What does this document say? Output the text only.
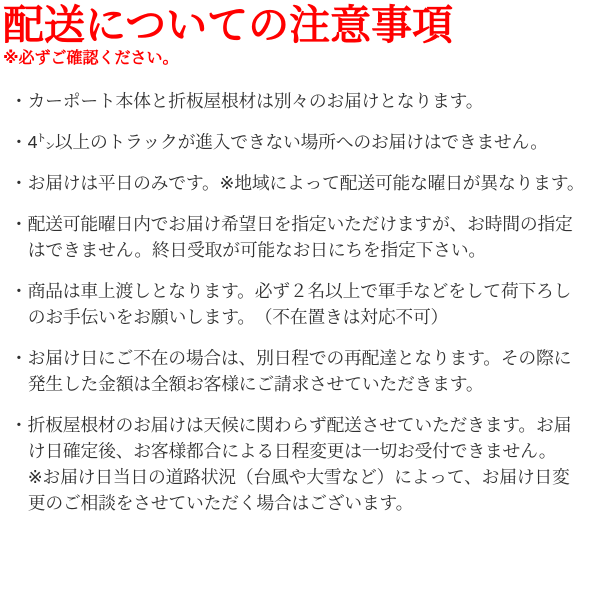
配送についての注意事項

※必ずご確認ください。

・カーポート本体と折板屋根材は別々のお届けとなります。

・4㌧以上のトラックが進入できない場所へのお届けはできません。

・お届けは平日のみです。※地域によって配送可能な曜日が異なります。

・配送可能曜日内でお届け希望日を指定いただけますが、お時間の指定
はできません。終日受取が可能なお日にちを指定下さい。

・商品は車上渡しとなります。必ず２名以上で軍手などをして荷下ろし
のお手伝いをお願いします。　（不在置きは対応不可）

・お届け日にご不在の場合は、別日程での再配達となります。その際に
発生した金額は全額お客様にご請求させていただきます。

・折板屋根材のお届けは天候に関わらず配送させていただきます。お届
け日確定後、お客様都合による日程変更は一切お受付できません。
※お届け日当日の道路状況（台風や大雪など）によって、お届け日変
更のご相談をさせていただく場合はございます。
